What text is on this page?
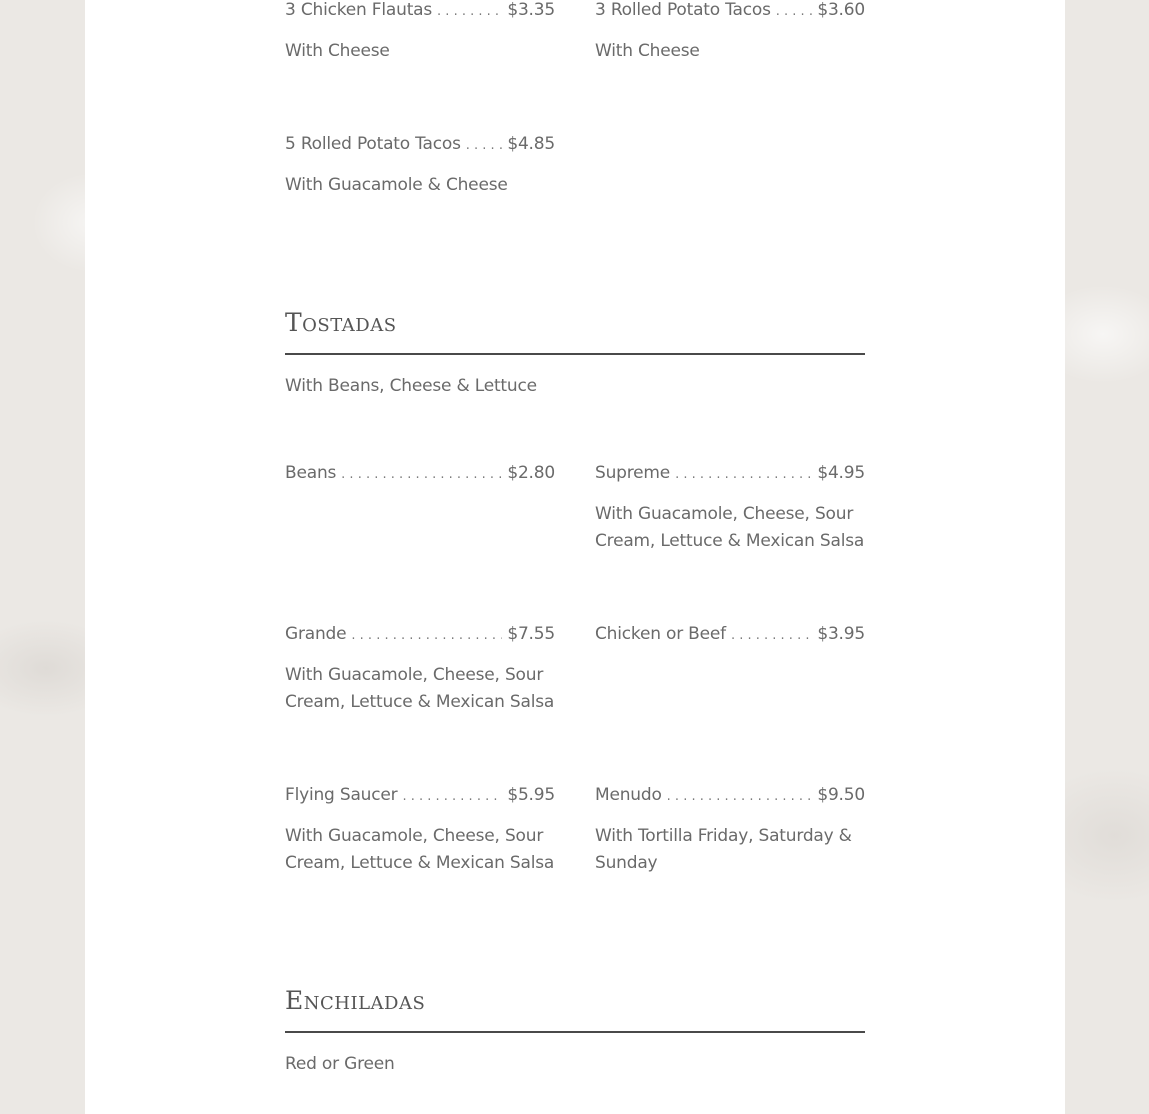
3 Chicken Flautas . . .	$3.35
With Cheese
3 Rolled Potato Tacos . . .	$3.60
With Cheese
5 Rolled Potato Tacos . . .	$4.85
With Guacamole & Cheese
Tostadas
With Beans, Cheese & Lettuce
Beans . . .	$2.80 Supreme . . .	$4.95
With Guacamole, Cheese, Sour Cream, Lettuce & Mexican Salsa
Grande . . .	$7.55
With Guacamole, Cheese, Sour Cream, Lettuce & Mexican Salsa
Chicken or Beef . . .	$3.95
Flying Saucer . . .	$5.95
With Guacamole, Cheese, Sour Cream, Lettuce & Mexican Salsa
Menudo . . .	$9.50
With Tortilla Friday, Saturday & Sunday
Enchiladas
Red or Green
